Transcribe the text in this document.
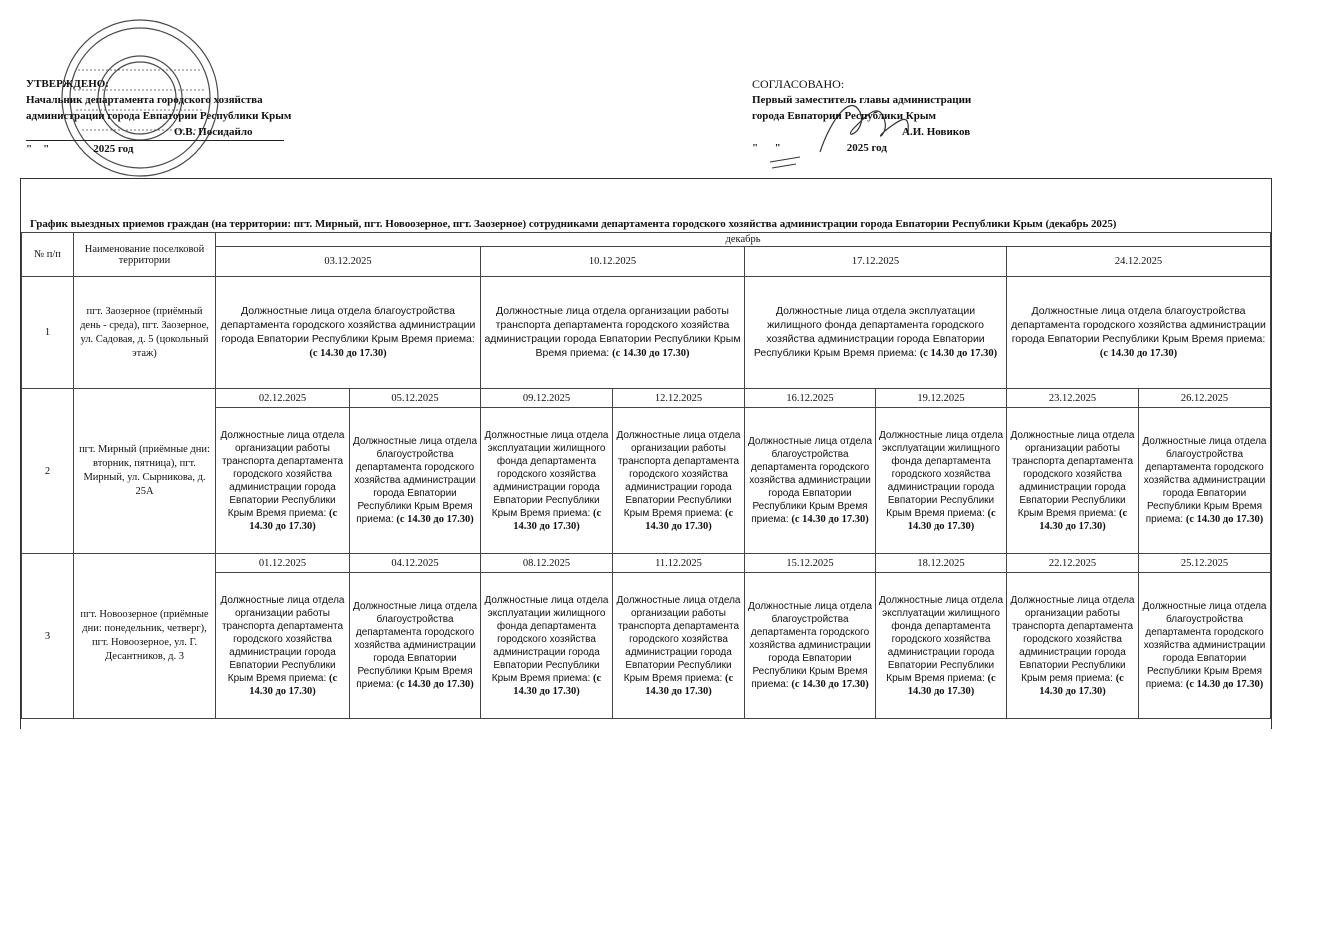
УТВЕРЖДЕНО:
Начальник департамента городского хозяйства
администрации города Евпатории Республики Крым
О.В. Посидайло
"    "                2025 год
СОГЛАСОВАНО:
Первый заместитель главы администрации
города Евпатории Республики Крым
А.И. Новиков
"      "                        2025 год
График выездных приемов граждан (на территории: пгт. Мирный, пгт. Новоозерное, пгт. Заозерное) сотрудниками департамента городского хозяйства администрации города Евпатории Республики Крым (декабрь 2025)
№ п/п	Наименование поселковой территории	декабрь							
		03.12.2025		10.12.2025		17.12.2025		24.12.2025	
1	пгт. Заозерное (приёмный день - среда), пгт. Заозерное, ул. Садовая, д. 5 (цокольный этаж)	Должностные лица отдела благоустройства департамента городского хозяйства администрации города Евпатории Республики Крым Время приема: (с 14.30 до 17.30)		Должностные лица отдела организации работы транспорта департамента городского хозяйства администрации города Евпатории Республики Крым Время приема: (с 14.30 до 17.30)		Должностные лица отдела эксплуатации жилищного фонда департамента городского хозяйства администрации города Евпатории Республики Крым Время приема: (с 14.30 до 17.30)		Должностные лица отдела благоустройства департамента городского хозяйства администрации города Евпатории Республики Крым Время приема: (с 14.30 до 17.30)	
2	пгт. Мирный (приёмные дни: вторник, пятница), пгт. Мирный, ул. Сырникова, д. 25А	02.12.2025	05.12.2025	09.12.2025	12.12.2025	16.12.2025	19.12.2025	23.12.2025	26.12.2025
		Должностные лица отдела организации работы транспорта департамента городского хозяйства администрации города Евпатории Республики Крым Время приема: (с 14.30 до 17.30)	Должностные лица отдела благоустройства департамента городского хозяйства администрации города Евпатории Республики Крым Время приема: (с 14.30 до 17.30)	Должностные лица отдела эксплуатации жилищного фонда департамента городского хозяйства администрации города Евпатории Республики Крым Время приема: (с 14.30 до 17.30)	Должностные лица отдела организации работы транспорта департамента городского хозяйства администрации города Евпатории Республики Крым Время приема: (с 14.30 до 17.30)	Должностные лица отдела благоустройства департамента городского хозяйства администрации города Евпатории Республики Крым Время приема: (с 14.30 до 17.30)	Должностные лица отдела эксплуатации жилищного фонда департамента городского хозяйства администрации города Евпатории Республики Крым Время приема: (с 14.30 до 17.30)	Должностные лица отдела организации работы транспорта департамента городского хозяйства администрации города Евпатории Республики Крым Время приема: (с 14.30 до 17.30)	Должностные лица отдела благоустройства департамента городского хозяйства администрации города Евпатории Республики Крым Время приема: (с 14.30 до 17.30)
3	пгт. Новоозерное (приёмные дни: понедельник, четверг), пгт. Новоозерное, ул. Г. Десантников, д. 3	01.12.2025	04.12.2025	08.12.2025	11.12.2025	15.12.2025	18.12.2025	22.12.2025	25.12.2025
		Должностные лица отдела организации работы транспорта департамента городского хозяйства администрации города Евпатории Республики Крым Время приема: (с 14.30 до 17.30)	Должностные лица отдела благоустройства департамента городского хозяйства администрации города Евпатории Республики Крым Время приема: (с 14.30 до 17.30)	Должностные лица отдела эксплуатации жилищного фонда департамента городского хозяйства администрации города Евпатории Республики Крым Время приема: (с 14.30 до 17.30)	Должностные лица отдела организации работы транспорта департамента городского хозяйства администрации города Евпатории Республики Крым Время приема: (с 14.30 до 17.30)	Должностные лица отдела благоустройства департамента городского хозяйства администрации города Евпатории Республики Крым Время приема: (с 14.30 до 17.30)	Должностные лица отдела эксплуатации жилищного фонда департамента городского хозяйства администрации города Евпатории Республики Крым Время приема: (с 14.30 до 17.30)	Должностные лица отдела организации работы транспорта департамента городского хозяйства администрации города Евпатории Республики Крым ремя приема: (с 14.30 до 17.30)	Должностные лица отдела благоустройства департамента городского хозяйства администрации города Евпатории Республики Крым Время приема: (с 14.30 до 17.30)
